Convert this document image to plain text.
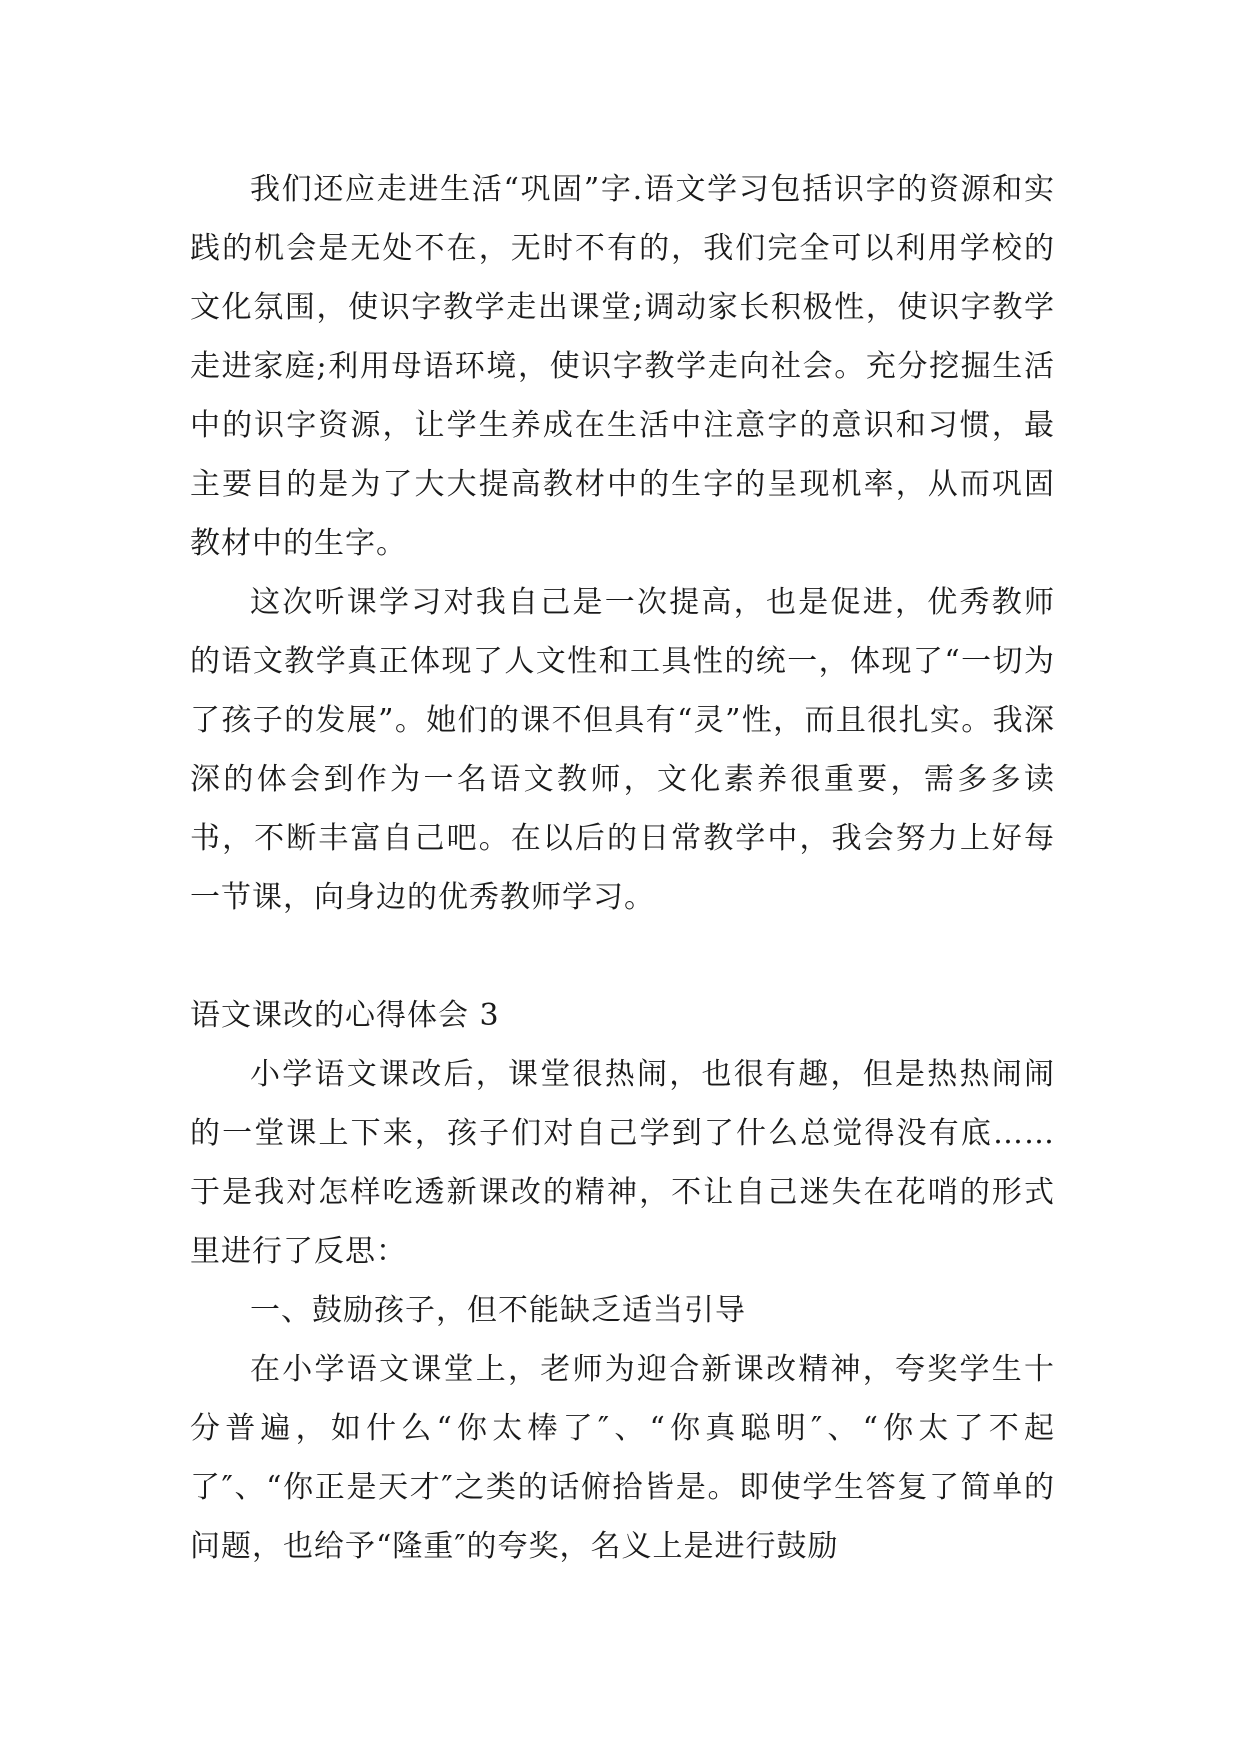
我们还应走进生活“巩固”字.语文学习包括识字的资源和实践的机会是无处不在，无时不有的，我们完全可以利用学校的文化氛围，使识字教学走出课堂;调动家长积极性，使识字教学走进家庭;利用母语环境，使识字教学走向社会。充分挖掘生活中的识字资源，让学生养成在生活中注意字的意识和习惯，最主要目的是为了大大提高教材中的生字的呈现机率，从而巩固教材中的生字。

这次听课学习对我自己是一次提高，也是促进，优秀教师的语文教学真正体现了人文性和工具性的统一，体现了“一切为了孩子的发展”。她们的课不但具有“灵”性，而且很扎实。我深深的体会到作为一名语文教师，文化素养很重要，需多多读书，不断丰富自己吧。在以后的日常教学中，我会努力上好每一节课，向身边的优秀教师学习。

语文课改的心得体会 3

小学语文课改后，课堂很热闹，也很有趣，但是热热闹闹的一堂课上下来，孩子们对自己学到了什么总觉得没有底……于是我对怎样吃透新课改的精神，不让自己迷失在花哨的形式里进行了反思：

一、鼓励孩子，但不能缺乏适当引导

在小学语文课堂上，老师为迎合新课改精神，夸奖学生十分普遍，如什么“你太棒了″、“你真聪明″、“你太了不起了″、“你正是天才″之类的话俯拾皆是。即使学生答复了简单的问题，也给予“隆重″的夸奖，名义上是进行鼓励
